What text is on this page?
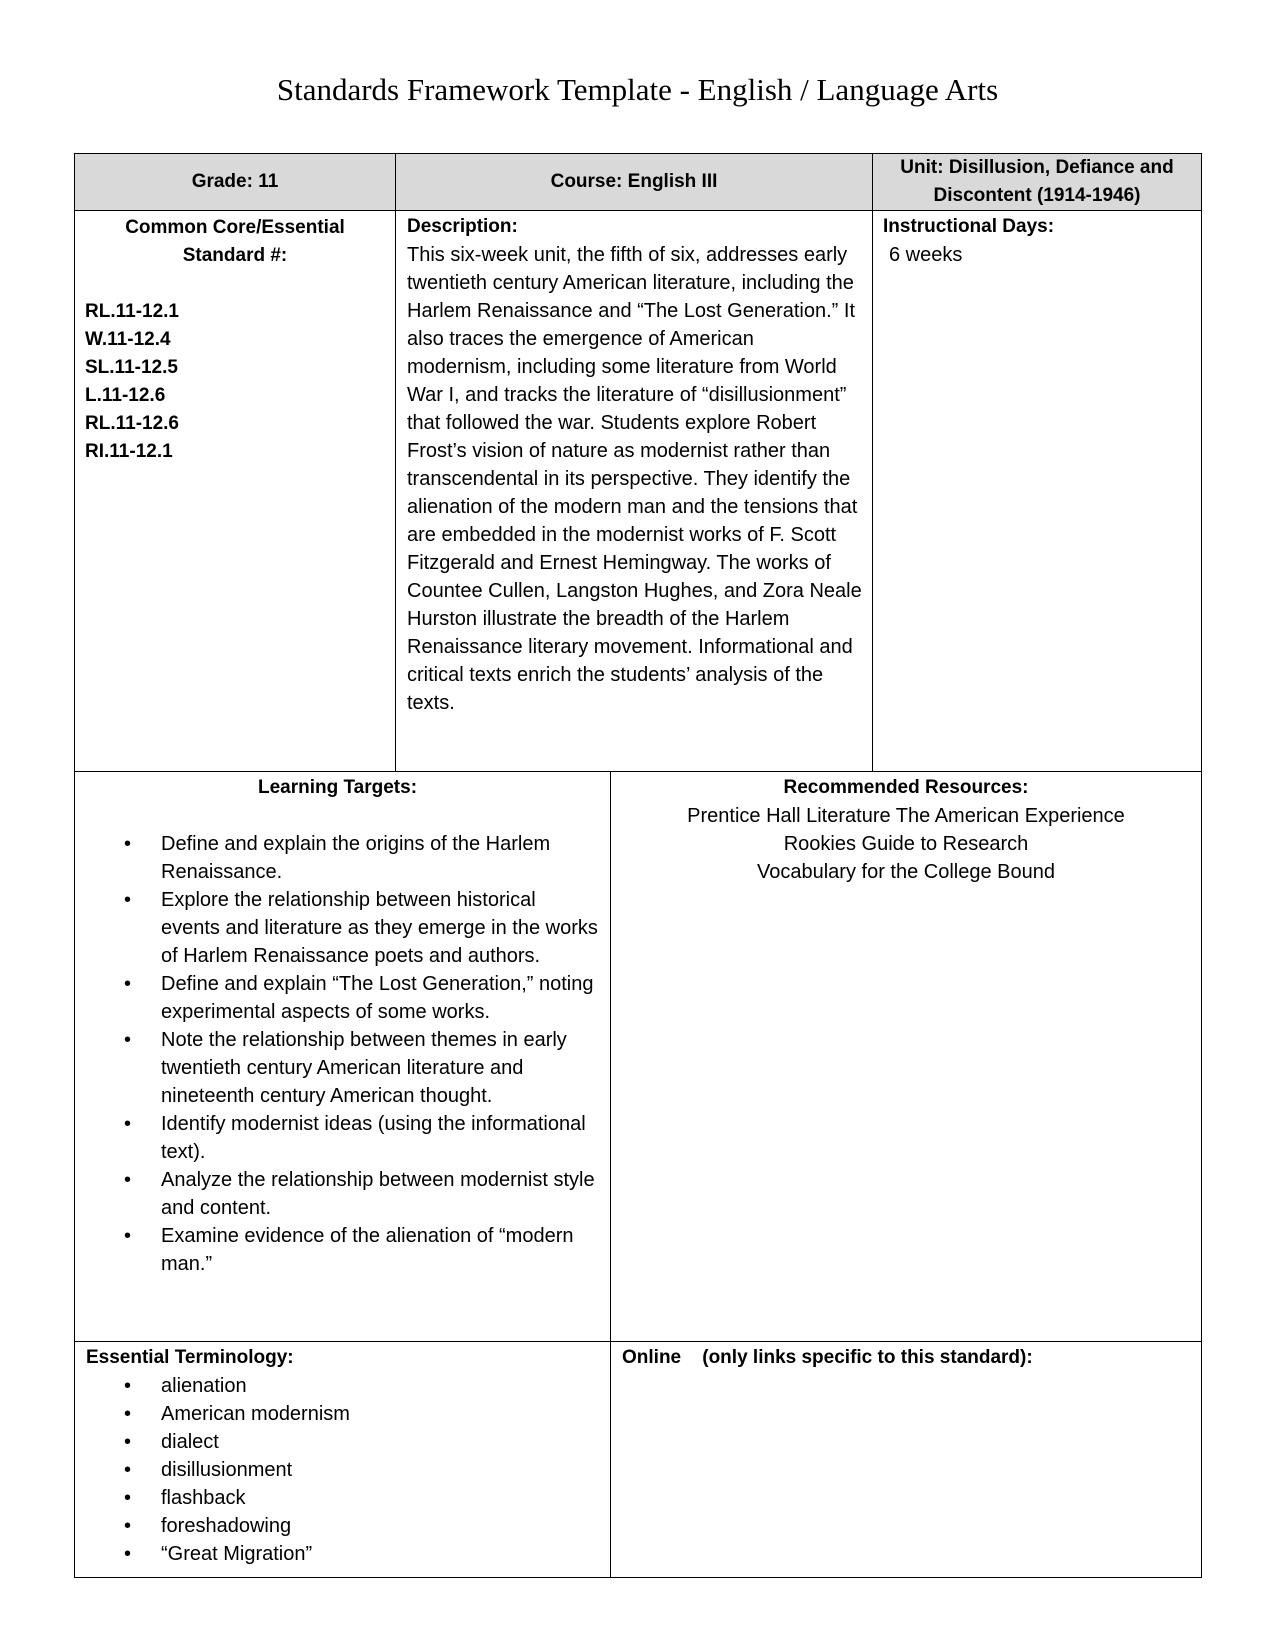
Standards Framework Template - English / Language Arts
Grade: 11	Course: English III
Unit: Disillusion, Defiance and Discontent (1914-1946)
Common Core/Essential
Standard #:
RL.11-12.1
W.11-12.4
SL.11-12.5
L.11-12.6
RL.11-12.6
RI.11-12.1
Description:
This six-week unit, the fifth of six, addresses early twentieth century American literature, including the Harlem Renaissance and “The Lost Generation.” It also traces the emergence of American modernism, including some literature from World War I, and tracks the literature of “disillusionment” that followed the war. Students explore Robert Frost’s vision of nature as modernist rather than transcendental in its perspective. They identify the alienation of the modern man and the tensions that are embedded in the modernist works of F. Scott Fitzgerald and Ernest Hemingway. The works of Countee Cullen, Langston Hughes, and Zora Neale Hurston illustrate the breadth of the Harlem Renaissance literary movement. Informational and critical texts enrich the students’ analysis of the texts.
Instructional Days:
6 weeks
Learning Targets:
• Define and explain the origins of the Harlem Renaissance.
• Explore the relationship between historical events and literature as they emerge in the works of Harlem Renaissance poets and authors.
• Define and explain “The Lost Generation,” noting experimental aspects of some works.
• Note the relationship between themes in early twentieth century American literature and nineteenth century American thought.
• Identify modernist ideas (using the informational text).
• Analyze the relationship between modernist style and content.
• Examine evidence of the alienation of “modern man.”
Recommended Resources:
Prentice Hall Literature The American Experience
Rookies Guide to Research
Vocabulary for the College Bound
Essential Terminology:
• alienation
• American modernism
• dialect
• disillusionment
• flashback
• foreshadowing
• “Great Migration”
Online (only links specific to this standard):
